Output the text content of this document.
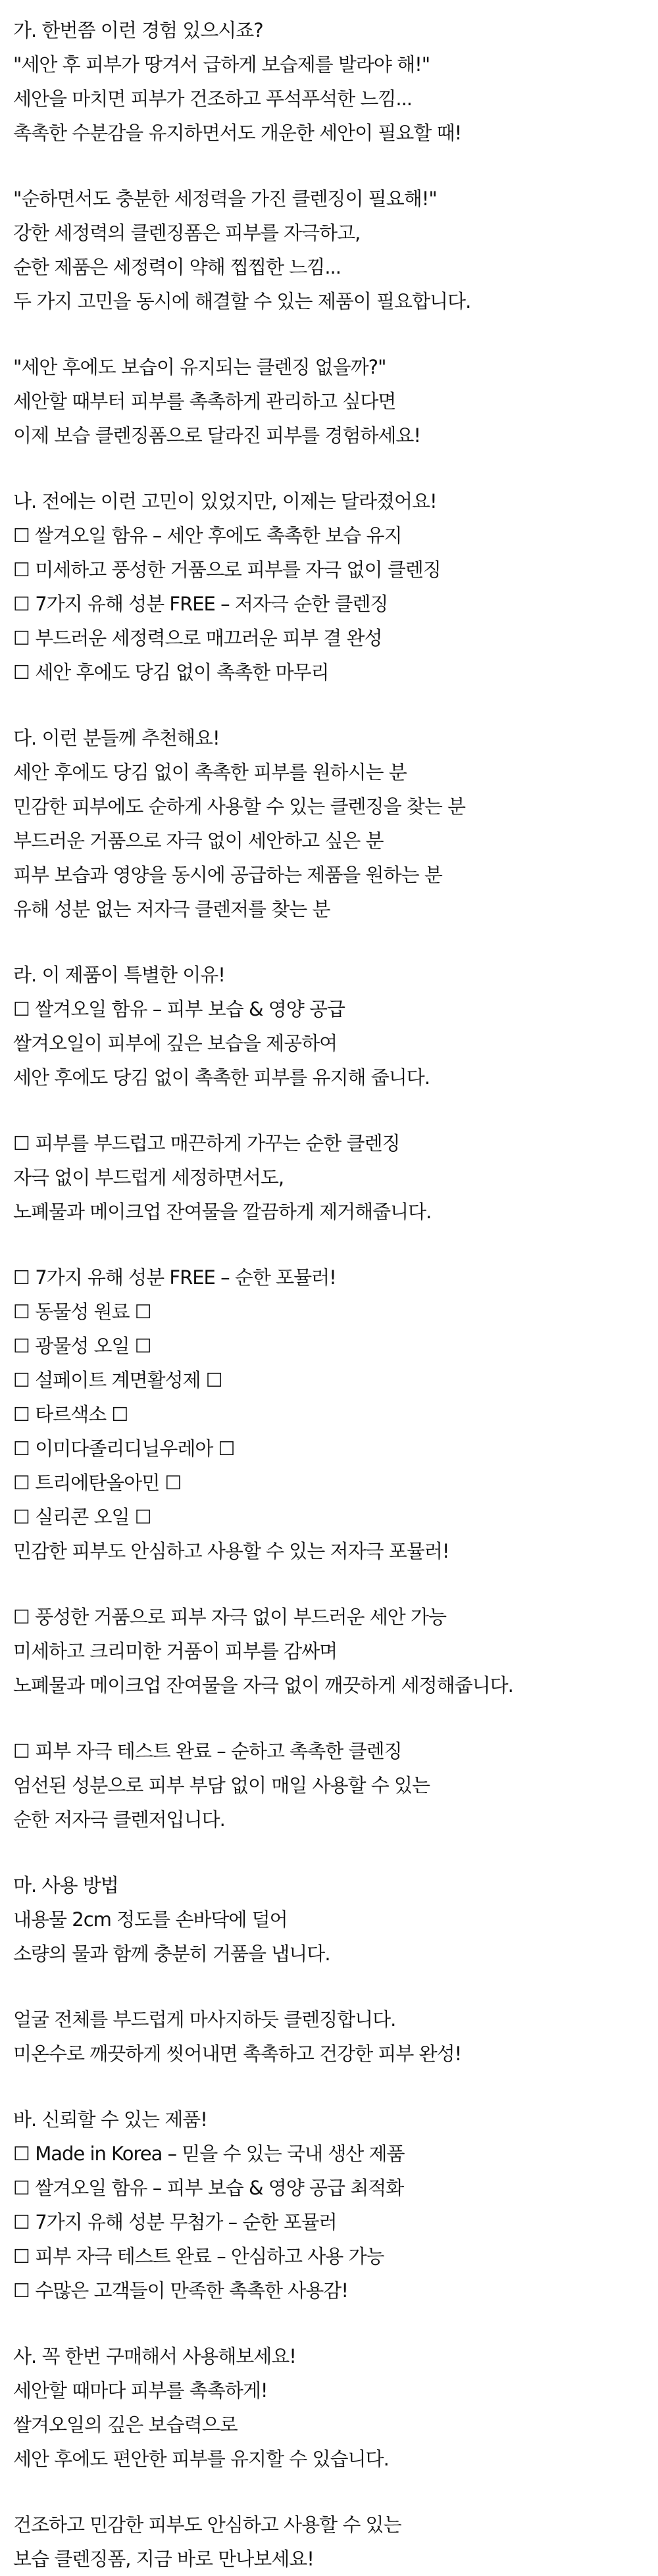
가. 한번쯤 이런 경험 있으시죠?
"세안 후 피부가 땅겨서 급하게 보습제를 발라야 해!"
세안을 마치면 피부가 건조하고 푸석푸석한 느낌...
촉촉한 수분감을 유지하면서도 개운한 세안이 필요할 때!
"순하면서도 충분한 세정력을 가진 클렌징이 필요해!"
강한 세정력의 클렌징폼은 피부를 자극하고,
순한 제품은 세정력이 약해 찝찝한 느낌...
두 가지 고민을 동시에 해결할 수 있는 제품이 필요합니다.
"세안 후에도 보습이 유지되는 클렌징 없을까?"
세안할 때부터 피부를 촉촉하게 관리하고 싶다면
이제 보습 클렌징폼으로 달라진 피부를 경험하세요!
나. 전에는 이런 고민이 있었지만, 이제는 달라졌어요!
☐ 쌀겨오일 함유 – 세안 후에도 촉촉한 보습 유지
☐ 미세하고 풍성한 거품으로 피부를 자극 없이 클렌징
☐ 7가지 유해 성분 FREE – 저자극 순한 클렌징
☐ 부드러운 세정력으로 매끄러운 피부 결 완성
☐ 세안 후에도 당김 없이 촉촉한 마무리
다. 이런 분들께 추천해요!
세안 후에도 당김 없이 촉촉한 피부를 원하시는 분
민감한 피부에도 순하게 사용할 수 있는 클렌징을 찾는 분
부드러운 거품으로 자극 없이 세안하고 싶은 분
피부 보습과 영양을 동시에 공급하는 제품을 원하는 분
유해 성분 없는 저자극 클렌저를 찾는 분
라. 이 제품이 특별한 이유!
☐ 쌀겨오일 함유 – 피부 보습 & 영양 공급
쌀겨오일이 피부에 깊은 보습을 제공하여
세안 후에도 당김 없이 촉촉한 피부를 유지해 줍니다.
☐ 피부를 부드럽고 매끈하게 가꾸는 순한 클렌징
자극 없이 부드럽게 세정하면서도,
노폐물과 메이크업 잔여물을 깔끔하게 제거해줍니다.
☐ 7가지 유해 성분 FREE – 순한 포뮬러!
☐ 동물성 원료 ☐
☐ 광물성 오일 ☐
☐ 설페이트 계면활성제 ☐
☐ 타르색소 ☐
☐ 이미다졸리디닐우레아 ☐
☐ 트리에탄올아민 ☐
☐ 실리콘 오일 ☐
민감한 피부도 안심하고 사용할 수 있는 저자극 포뮬러!
☐ 풍성한 거품으로 피부 자극 없이 부드러운 세안 가능
미세하고 크리미한 거품이 피부를 감싸며
노폐물과 메이크업 잔여물을 자극 없이 깨끗하게 세정해줍니다.
☐ 피부 자극 테스트 완료 – 순하고 촉촉한 클렌징
엄선된 성분으로 피부 부담 없이 매일 사용할 수 있는
순한 저자극 클렌저입니다.
마. 사용 방법
내용물 2cm 정도를 손바닥에 덜어
소량의 물과 함께 충분히 거품을 냅니다.
얼굴 전체를 부드럽게 마사지하듯 클렌징합니다.
미온수로 깨끗하게 씻어내면 촉촉하고 건강한 피부 완성!
바. 신뢰할 수 있는 제품!
☐ Made in Korea – 믿을 수 있는 국내 생산 제품
☐ 쌀겨오일 함유 – 피부 보습 & 영양 공급 최적화
☐ 7가지 유해 성분 무첨가 – 순한 포뮬러
☐ 피부 자극 테스트 완료 – 안심하고 사용 가능
☐ 수많은 고객들이 만족한 촉촉한 사용감!
사. 꼭 한번 구매해서 사용해보세요!
세안할 때마다 피부를 촉촉하게!
쌀겨오일의 깊은 보습력으로
세안 후에도 편안한 피부를 유지할 수 있습니다.
건조하고 민감한 피부도 안심하고 사용할 수 있는
보습 클렌징폼, 지금 바로 만나보세요!
